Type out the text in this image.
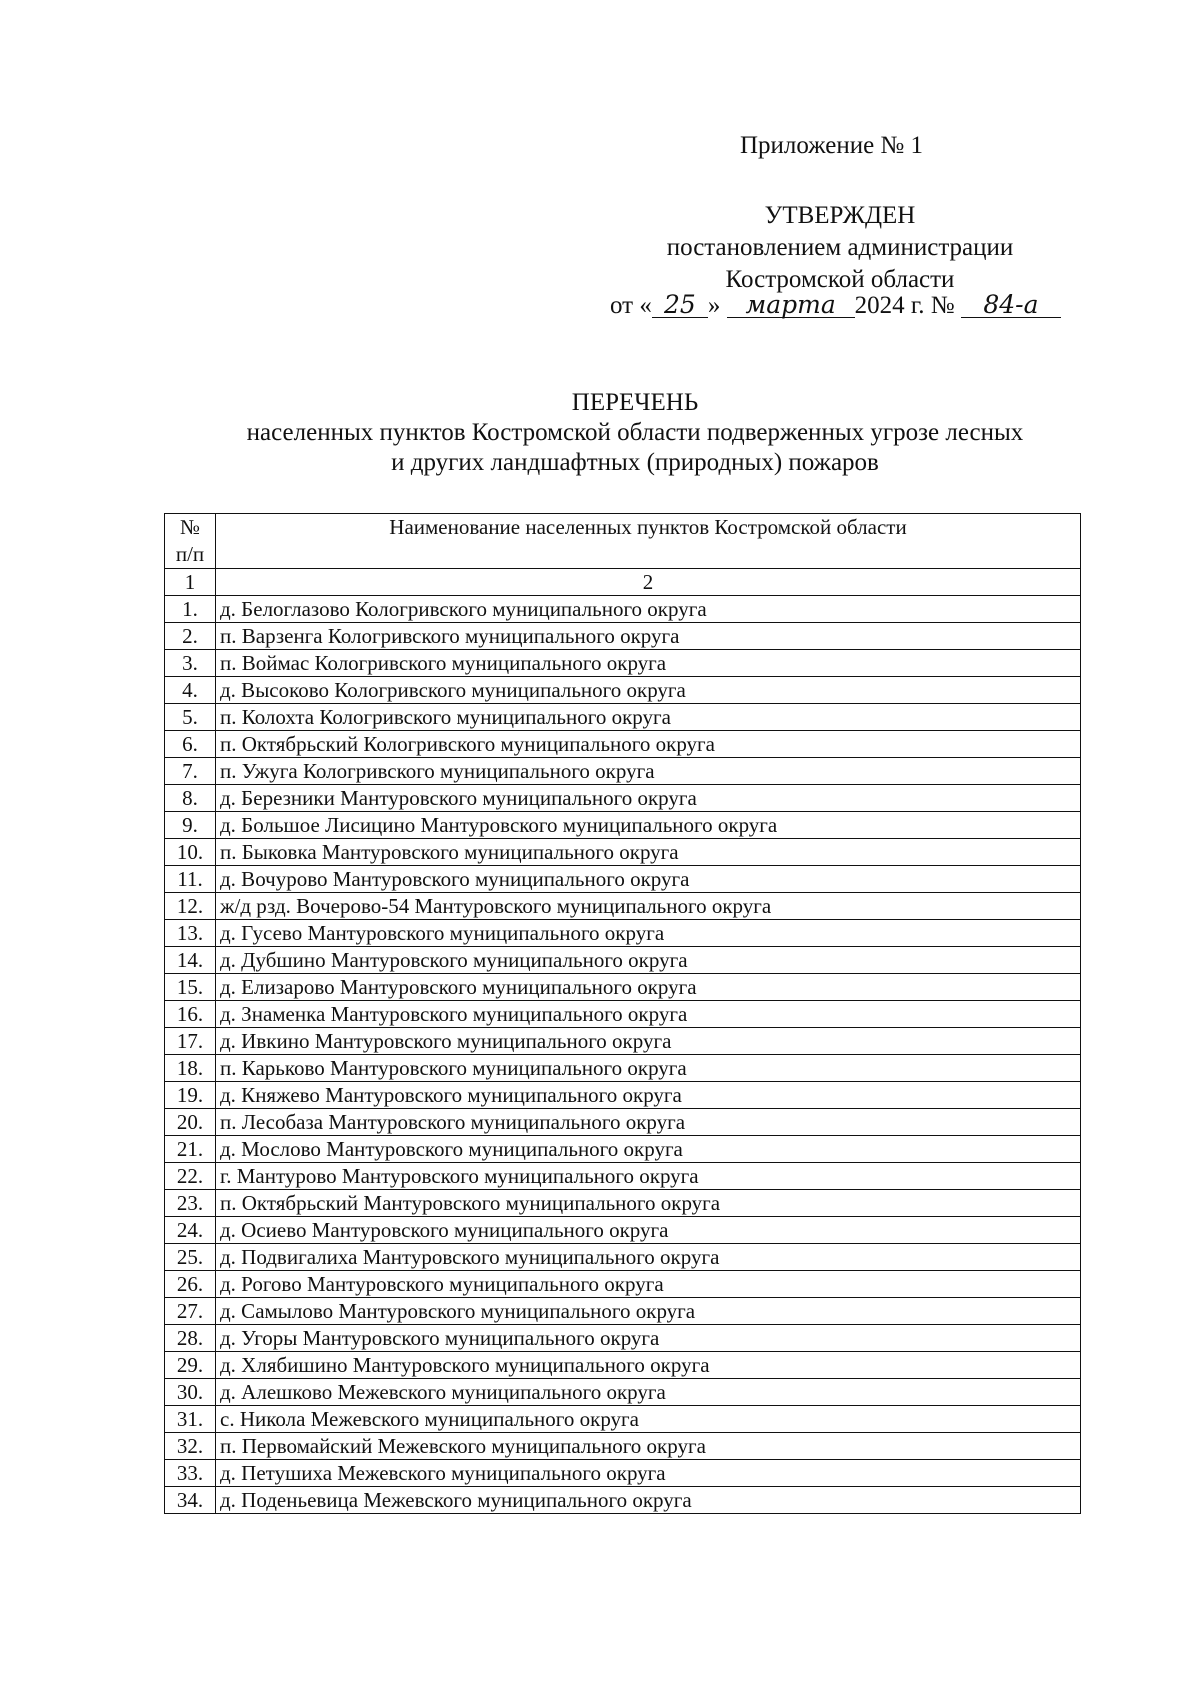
Приложение № 1
УТВЕРЖДЕН
постановлением администрации
Костромской области
от « 25 » марта 2024 г. № 84-а
ПЕРЕЧЕНЬ
населенных пунктов Костромской области подверженных угрозе лесных
и других ландшафтных (природных) пожаров
№
п/п	Наименование населенных пунктов Костромской области
1	2
1.	д. Белоглазово Кологривского муниципального округа
2.	п. Варзенга Кологривского муниципального округа
3.	п. Воймас Кологривского муниципального округа
4.	д. Высоково Кологривского муниципального округа
5.	п. Колохта Кологривского муниципального округа
6.	п. Октябрьский Кологривского муниципального округа
7.	п. Ужуга Кологривского муниципального округа
8.	д. Березники Мантуровского муниципального округа
9.	д. Большое Лисицино Мантуровского муниципального округа
10.	п. Быковка Мантуровского муниципального округа
11.	д. Вочурово Мантуровского муниципального округа
12.	ж/д рзд. Вочерово-54 Мантуровского муниципального округа
13.	д. Гусево Мантуровского муниципального округа
14.	д. Дубшино Мантуровского муниципального округа
15.	д. Елизарово Мантуровского муниципального округа
16.	д. Знаменка Мантуровского муниципального округа
17.	д. Ивкино Мантуровского муниципального округа
18.	п. Карьково Мантуровского муниципального округа
19.	д. Княжево Мантуровского муниципального округа
20.	п. Лесобаза Мантуровского муниципального округа
21.	д. Мослово Мантуровского муниципального округа
22.	г. Мантурово Мантуровского муниципального округа
23.	п. Октябрьский Мантуровского муниципального округа
24.	д. Осиево Мантуровского муниципального округа
25.	д. Подвигалиха Мантуровского муниципального округа
26.	д. Рогово Мантуровского муниципального округа
27.	д. Самылово Мантуровского муниципального округа
28.	д. Угоры Мантуровского муниципального округа
29.	д. Хлябишино Мантуровского муниципального округа
30.	д. Алешково Межевского муниципального округа
31.	с. Никола Межевского муниципального округа
32.	п. Первомайский Межевского муниципального округа
33.	д. Петушиха Межевского муниципального округа
34.	д. Поденьевица Межевского муниципального округа
